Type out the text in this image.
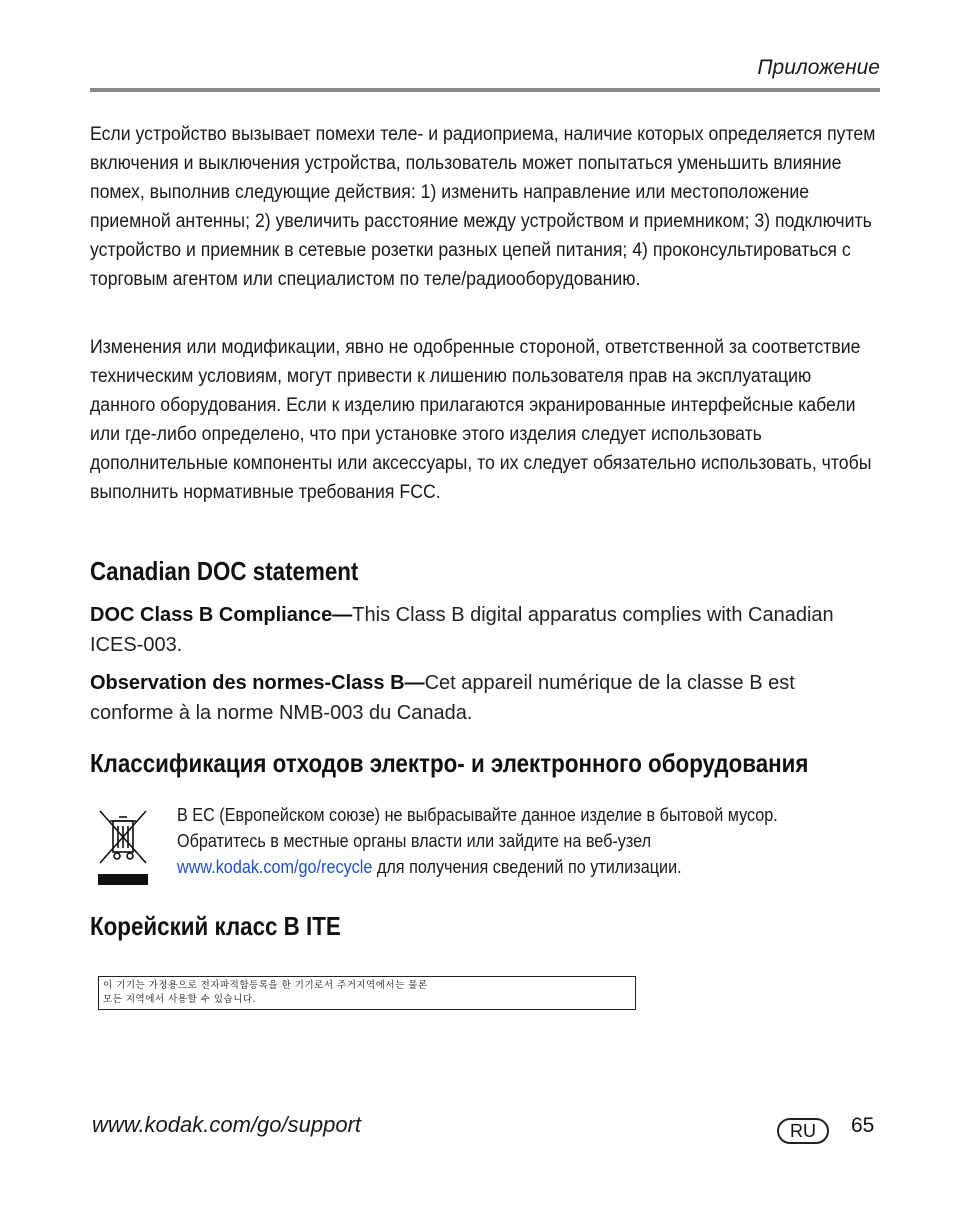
Приложение
Если устройство вызывает помехи теле- и радиоприема, наличие которых определяется путем включения и выключения устройства, пользователь может попытаться уменьшить влияние помех, выполнив следующие действия: 1) изменить направление или местоположение приемной антенны; 2) увеличить расстояние между устройством и приемником; 3) подключить устройство и приемник в сетевые розетки разных цепей питания; 4) проконсультироваться с торговым агентом или специалистом по теле/радиооборудованию.
Изменения или модификации, явно не одобренные стороной, ответственной за соответствие техническим условиям, могут привести к лишению пользователя прав на эксплуатацию данного оборудования. Если к изделию прилагаются экранированные интерфейсные кабели или где-либо определено, что при установке этого изделия следует использовать дополнительные компоненты или аксессуары, то их следует обязательно использовать, чтобы выполнить нормативные требования FCC.
Canadian DOC statement
DOC Class B Compliance—This Class B digital apparatus complies with Canadian ICES-003.
Observation des normes-Class B—Cet appareil numérique de la classe B est conforme à la norme NMB-003 du Canada.
Классификация отходов электро- и электронного оборудования
В ЕС (Европейском союзе) не выбрасывайте данное изделие в бытовой мусор. Обратитесь в местные органы власти или зайдите на веб-узел
www.kodak.com/go/recycle для получения сведений по утилизации.
Корейский класс B ITE
이 기기는 가정용으로 전자파적합등록을 한 기기로서 주거지역에서는 물론
모든 지역에서 사용할 수 있습니다.
www.kodak.com/go/support	RU	65
